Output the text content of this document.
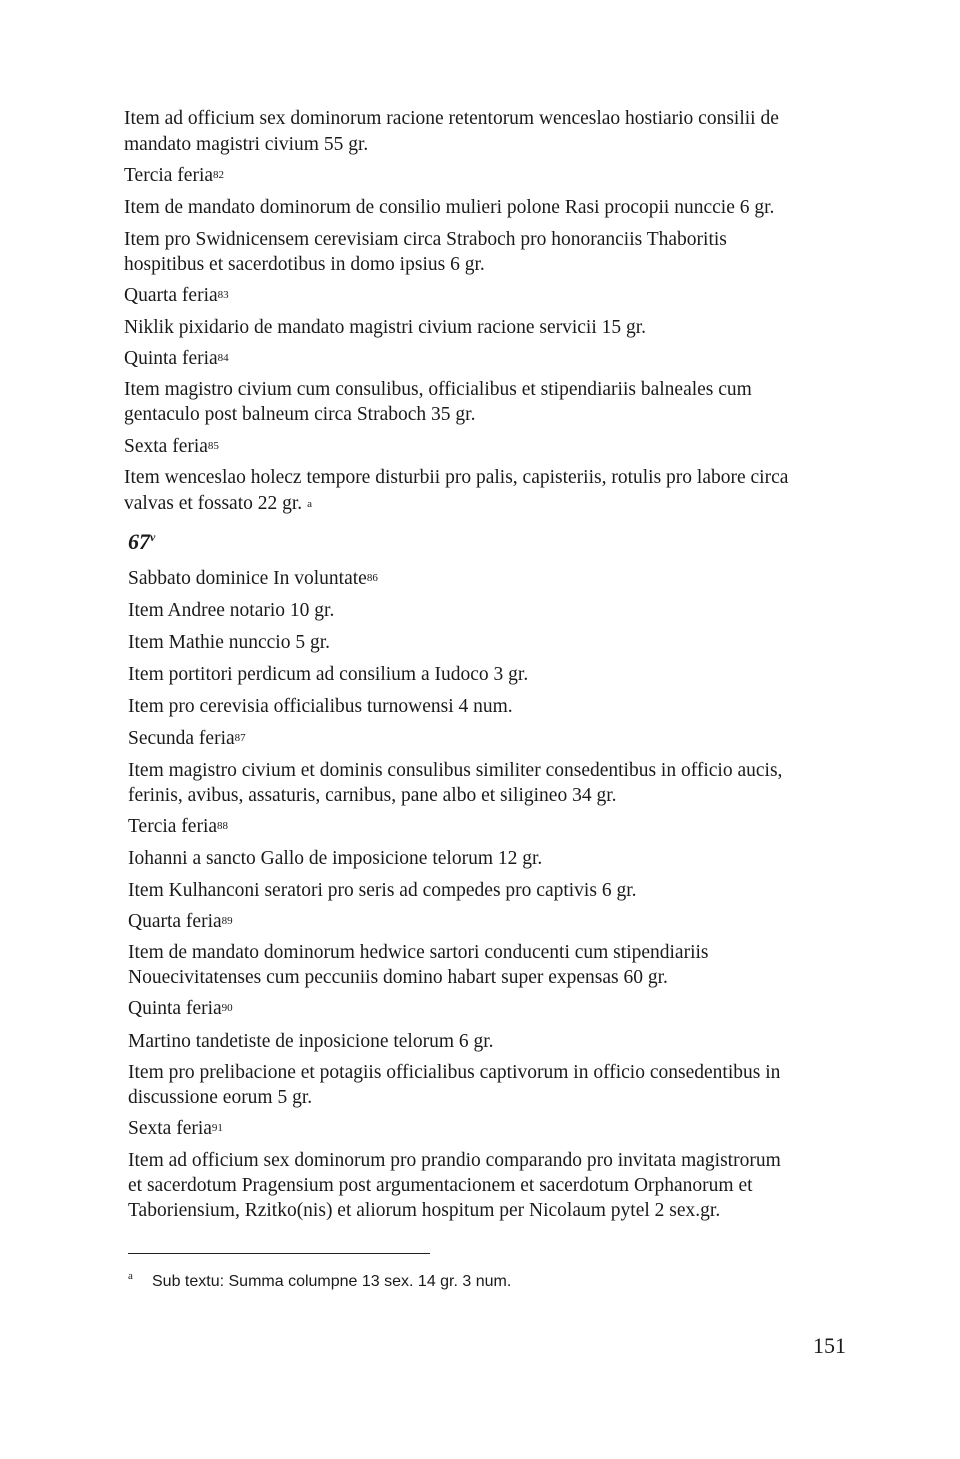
Item ad officium sex dominorum racione retentorum wenceslao hostiario consilii de
mandato magistri civium 55 gr.
Tercia feria$^{82}$
Item de mandato dominorum de consilio mulieri polone Rasi procopii nunccie 6 gr.
Item pro Swidnicensem cerevisiam circa Straboch pro honoranciis Thaboritis
hospitibus et sacerdotibus in domo ipsius 6 gr.
Quarta feria$^{83}$
Niklik pixidario de mandato magistri civium racione servicii 15 gr.
Quinta feria$^{84}$
Item magistro civium cum consulibus, officialibus et stipendiariis balneales cum
gentaculo post balneum circa Straboch 35 gr.
Sexta feria$^{85}$
Item wenceslao holecz tempore disturbii pro palis, capisteriis, rotulis pro labore circa
valvas et fossato 22 gr. $^a$
67$^v$
Sabbato dominice In voluntate$^{86}$
Item Andree notario 10 gr.
Item Mathie nunccio 5 gr.
Item portitori perdicum ad consilium a Iudoco 3 gr.
Item pro cerevisia officialibus turnowensi 4 num.
Secunda feria$^{87}$
Item magistro civium et dominis consulibus similiter consedentibus in officio aucis,
ferinis, avibus, assaturis, carnibus, pane albo et siligineo 34 gr.
Tercia feria$^{88}$
Iohanni a sancto Gallo de imposicione telorum 12 gr.
Item Kulhanconi seratori pro seris ad compedes pro captivis 6 gr.
Quarta feria$^{89}$
Item de mandato dominorum hedwice sartori conducenti cum stipendiariis
Nouecivitatenses cum peccuniis domino habart super expensas 60 gr.
Quinta feria$^{90}$
Martino tandetiste de inposicione telorum 6 gr.
Item pro prelibacione et potagiis officialibus captivorum in officio consedentibus in
discussione eorum 5 gr.
Sexta feria$^{91}$
Item ad officium sex dominorum pro prandio comparando pro invitata magistrorum
et sacerdotum Pragensium post argumentacionem et sacerdotum Orphanorum et
Taboriensium, Rzitko(nis) et aliorum hospitum per Nicolaum pytel 2 sex.gr.
a Sub textu: Summa columpne 13 sex. 14 gr. 3 num.
151
